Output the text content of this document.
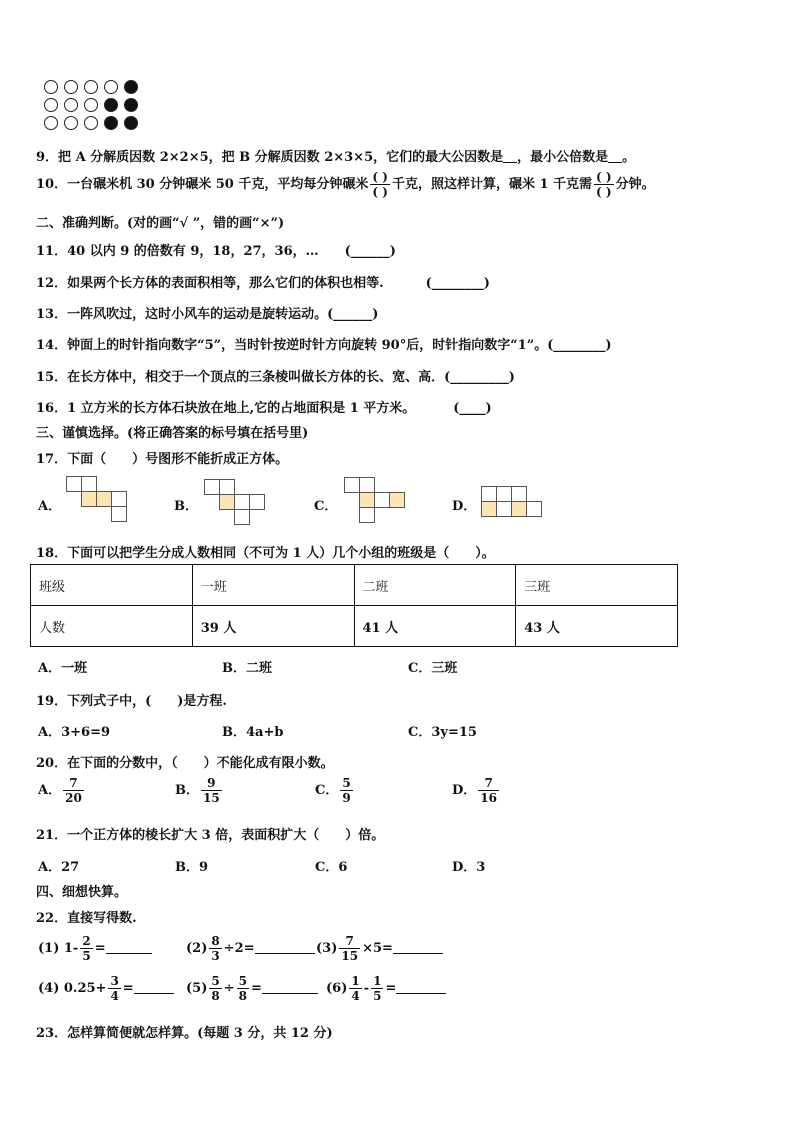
9．把 A 分解质因数 2×2×5，把 B 分解质因数 2×3×5，它们的最大公因数是 ，最小公倍数是 。
10．一台碾米机 30 分钟碾米 50 千克，平均每分钟碾米 $\frac{( )}{( )}$ 千克，照这样计算，碾米 1 千克需 $\frac{( )}{( )}$ 分钟。
二、准确判断。(对的画“√ ”，错的画“×”)
11．40 以内 9 的倍数有 9，18，27，36，… (______)
12．如果两个长方体的表面积相等，那么它们的体积也相等.	(________)
13．一阵风吹过，这时小风车的运动是旋转运动。(______)
14．钟面上的时针指向数字“5”，当时针按逆时针方向旋转 90°后，时针指向数字“1”。(________)
15．在长方体中，相交于一个顶点的三条棱叫做长方体的长、宽、高．(_________)
16．1 立方米的长方体石块放在地上,它的占地面积是 1 平方米。	(____)
三、谨慎选择。(将正确答案的标号填在括号里)
17．下面（　　）号图形不能折成正方体。
A．	B．	C．	D．
18．下面可以把学生分成人数相同（不可为 1 人）几个小组的班级是（　　）。
班级	一班	二班	三班
人数	39 人	41 人	43 人
A．一班	B．二班	C．三班
19．下列式子中，(　　)是方程.
A．3+6=9	B．4a+b	C．3y=15
20．在下面的分数中，（　　）不能化成有限小数。
A． $\frac{7}{20}$	B． $\frac{9}{15}$	C． $\frac{5}{9}$	D． $\frac{7}{16}$
21．一个正方体的棱长扩大 3 倍，表面积扩大（　　）倍。
A．27	B．9	C．6	D．3
四、细想快算。
22．直接写得数.
(1) $1- \frac{2}{5}$ =	$(2) \frac{8}{3} \div 2=$	$(3) \frac{7}{15} \times 5=$
(4) $0.25+ \frac{3}{4}$ =	$(5) \frac{5}{8} \div \frac{5}{8}$ =	$(6) \frac{1}{4} - \frac{1}{5}$ =
23．怎样算简便就怎样算。(每题 3 分，共 12 分)
